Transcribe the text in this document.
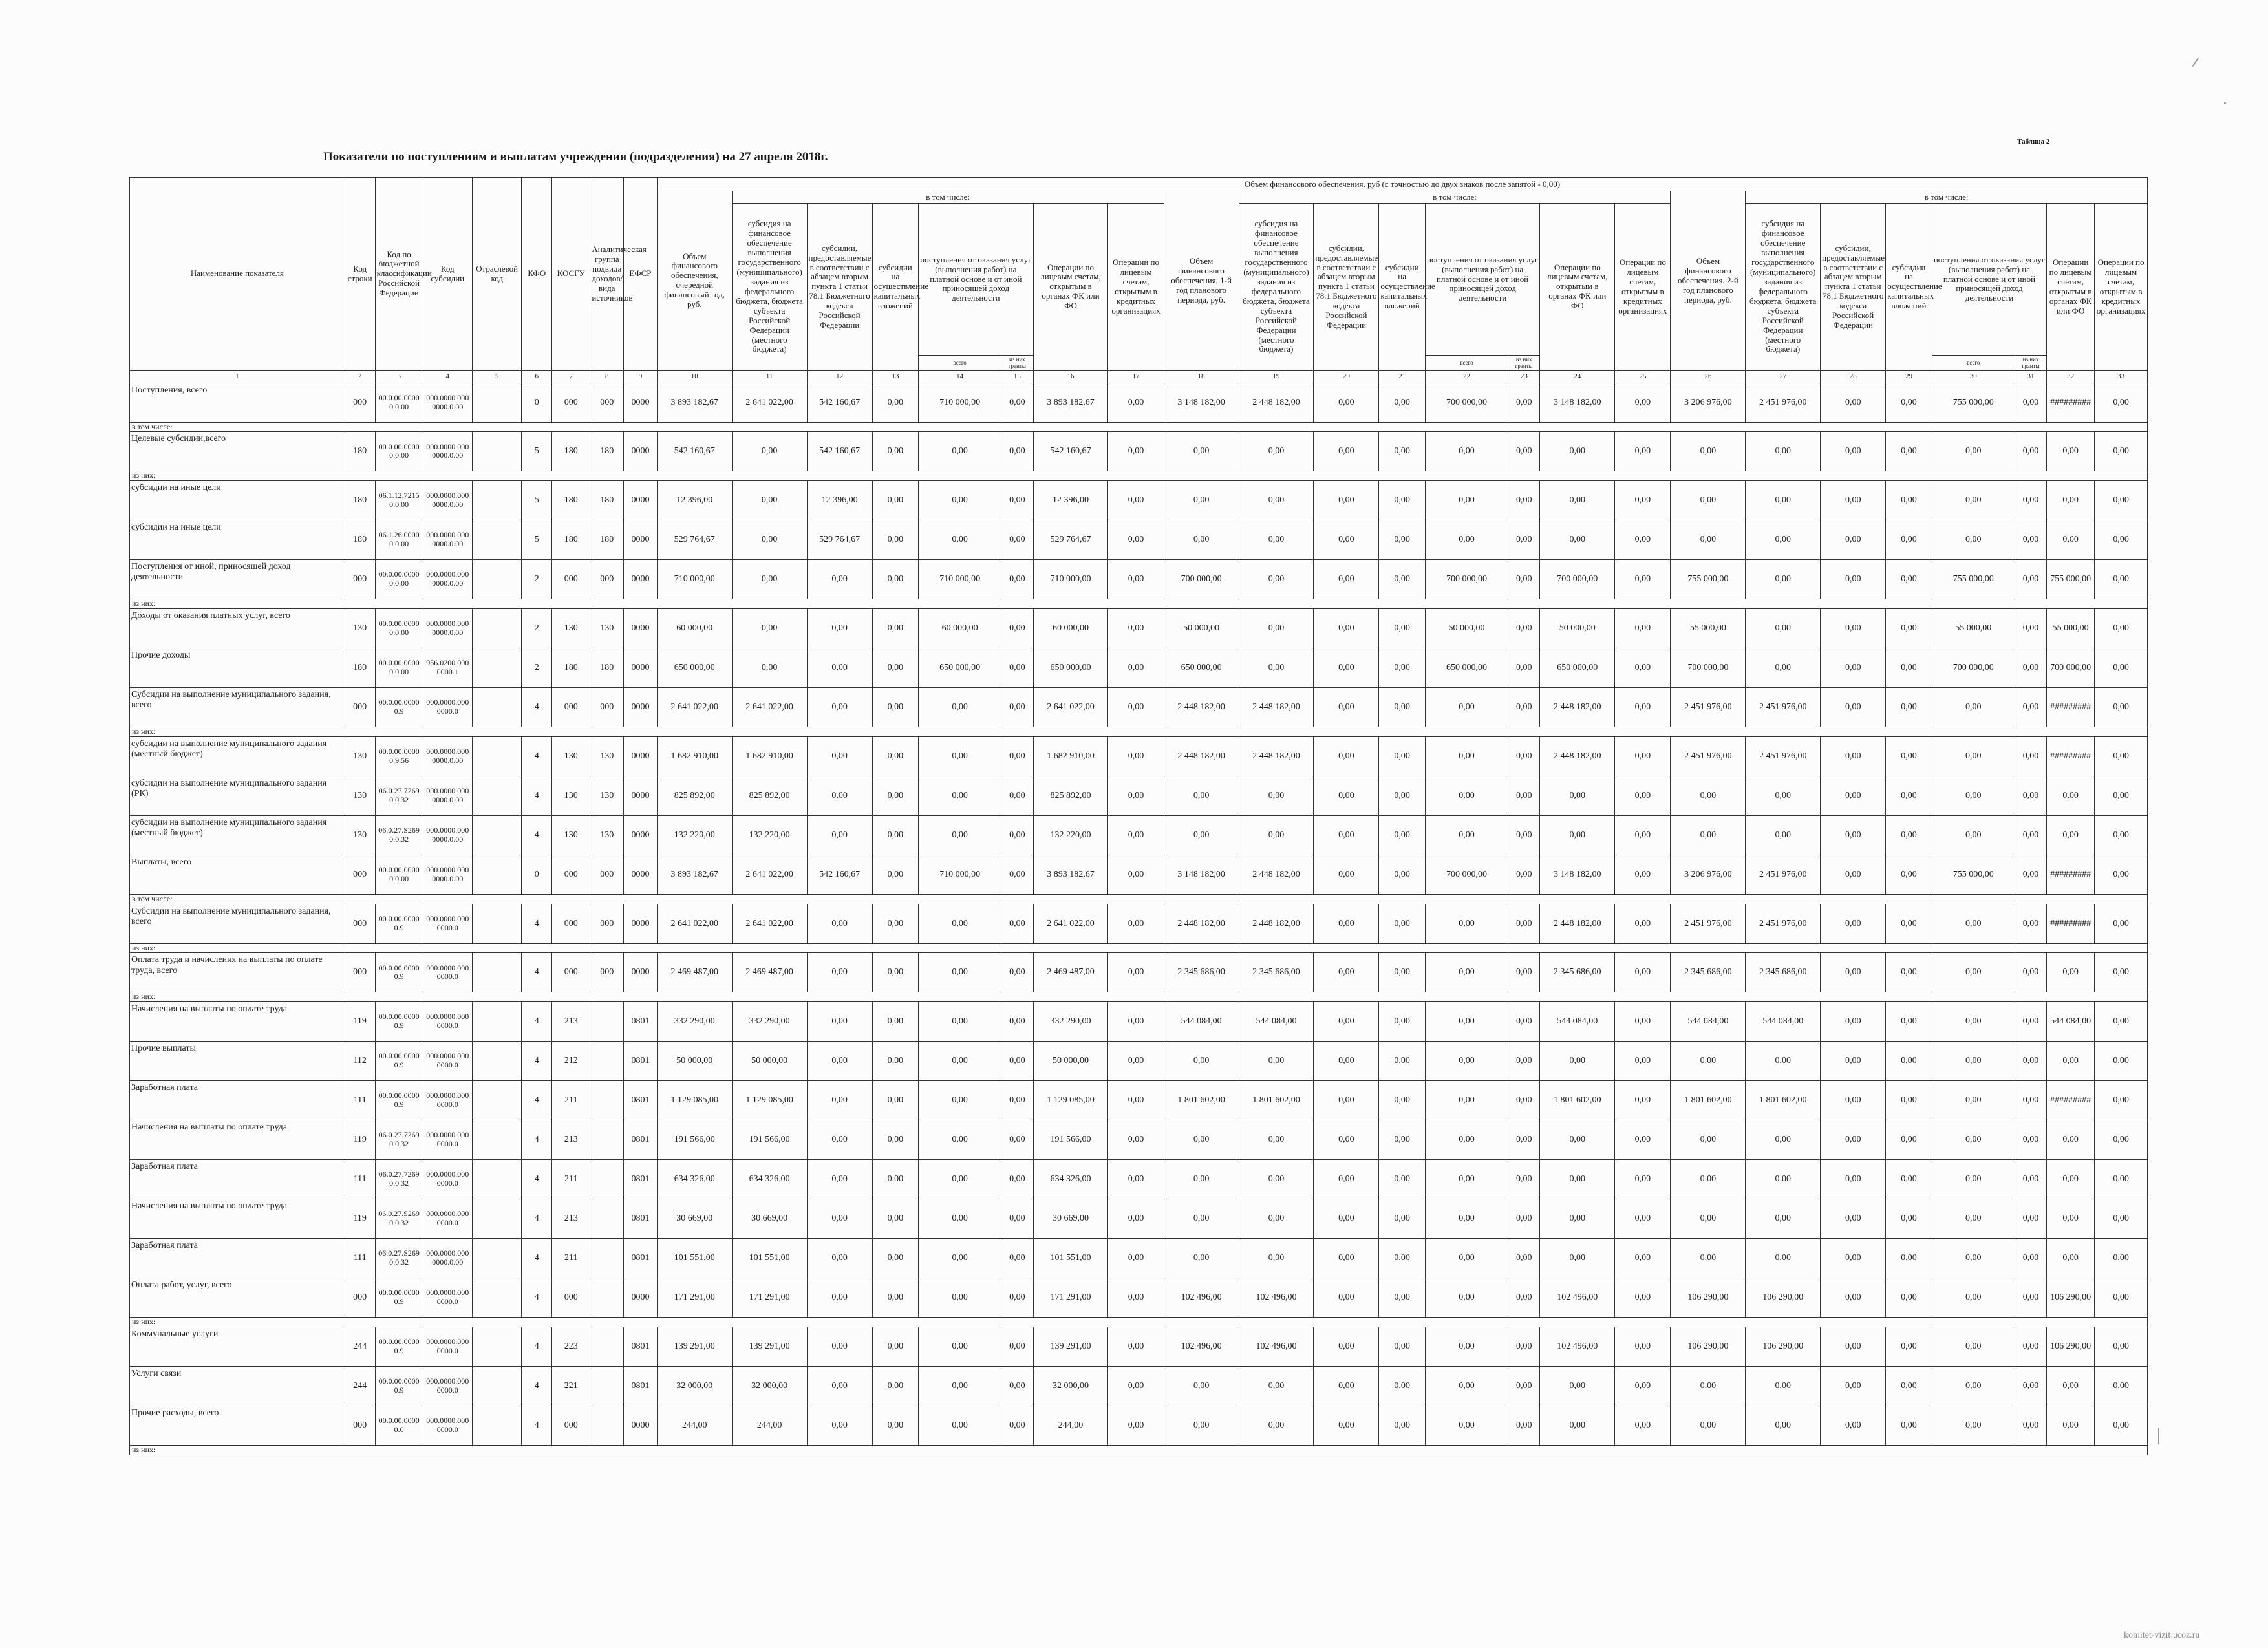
Таблица 2
Показатели по поступлениям и выплатам учреждения (подразделения) на 27 апреля 2018г.
Наименование показателя	Код строки	Код по бюджетной классификации Российской Федерации	Код субсидии	Отраслевой код	КФО	КОСГУ	Аналитическая группа подвида доходов/вида источников	ЕФСР	Объем финансового обеспечения, руб (с точностью до двух знаков после запятой - 0,00)																							
									Объем финансового обеспечения, очередной финансовый год, руб.	в том числе:							Объем финансового обеспечения, 1-й год планового периода, руб.	в том числе:							Объем финансового обеспечения, 2-й год планового периода, руб.	в том числе:						
										субсидия на финансовое обеспечение выполнения государственного (муниципального) задания из федерального бюджета, бюджета субъекта Российской Федерации (местного бюджета)	субсидии, предоставляемые в соответствии с абзацем вторым пункта 1 статьи 78.1 Бюджетного кодекса Российской Федерации	субсидии на осуществление капитальных вложений	поступления от оказания услуг (выполнения работ) на платной основе и от иной приносящей доход деятельности		Операции по лицевым счетам, открытым в органах ФК или ФО	Операции по лицевым счетам, открытым в кредитных организациях		субсидия на финансовое обеспечение выполнения государственного (муниципального) задания из федерального бюджета, бюджета субъекта Российской Федерации (местного бюджета)	субсидии, предоставляемые в соответствии с абзацем вторым пункта 1 статьи 78.1 Бюджетного кодекса Российской Федерации	субсидии на осуществление капитальных вложений	поступления от оказания услуг (выполнения работ) на платной основе и от иной приносящей доход деятельности		Операции по лицевым счетам, открытым в органах ФК или ФО	Операции по лицевым счетам, открытым в кредитных организациях		субсидия на финансовое обеспечение выполнения государственного (муниципального) задания из федерального бюджета, бюджета субъекта Российской Федерации (местного бюджета)	субсидии, предоставляемые в соответствии с абзацем вторым пункта 1 статьи 78.1 Бюджетного кодекса Российской Федерации	субсидии на осуществление капитальных вложений	поступления от оказания услуг (выполнения работ) на платной основе и от иной приносящей доход деятельности		Операции по лицевым счетам, открытым в органах ФК или ФО	Операции по лицевым счетам, открытым в кредитных организациях
													всего	из них гранты							всего	из них гранты							всего	из них гранты		
1	2	3	4	5	6	7	8	9	10	11	12	13	14	15	16	17	18	19	20	21	22	23	24	25	26	27	28	29	30	31	32	33
Поступления, всего	000	00.0.00.00000.0.00	000.0000.0000000.0.00		0	000	000	0000	3 893 182,67	2 641 022,00	542 160,67	0,00	710 000,00	0,00	3 893 182,67	0,00	3 148 182,00	2 448 182,00	0,00	0,00	700 000,00	0,00	3 148 182,00	0,00	3 206 976,00	2 451 976,00	0,00	0,00	755 000,00	0,00	#########	0,00
в том числе:																																
Целевые субсидии,всего	180	00.0.00.00000.0.00	000.0000.0000000.0.00		5	180	180	0000	542 160,67	0,00	542 160,67	0,00	0,00	0,00	542 160,67	0,00	0,00	0,00	0,00	0,00	0,00	0,00	0,00	0,00	0,00	0,00	0,00	0,00	0,00	0,00	0,00	0,00
из них:																																
субсидии на иные цели	180	06.1.12.72150.0.00	000.0000.0000000.0.00		5	180	180	0000	12 396,00	0,00	12 396,00	0,00	0,00	0,00	12 396,00	0,00	0,00	0,00	0,00	0,00	0,00	0,00	0,00	0,00	0,00	0,00	0,00	0,00	0,00	0,00	0,00	0,00
субсидии на иные цели	180	06.1.26.00000.0.00	000.0000.0000000.0.00		5	180	180	0000	529 764,67	0,00	529 764,67	0,00	0,00	0,00	529 764,67	0,00	0,00	0,00	0,00	0,00	0,00	0,00	0,00	0,00	0,00	0,00	0,00	0,00	0,00	0,00	0,00	0,00
Поступления от иной, приносящей доход деятельности	000	00.0.00.00000.0.00	000.0000.0000000.0.00		2	000	000	0000	710 000,00	0,00	0,00	0,00	710 000,00	0,00	710 000,00	0,00	700 000,00	0,00	0,00	0,00	700 000,00	0,00	700 000,00	0,00	755 000,00	0,00	0,00	0,00	755 000,00	0,00	755 000,00	0,00
из них:																																
Доходы от оказания платных услуг, всего	130	00.0.00.00000.0.00	000.0000.0000000.0.00		2	130	130	0000	60 000,00	0,00	0,00	0,00	60 000,00	0,00	60 000,00	0,00	50 000,00	0,00	0,00	0,00	50 000,00	0,00	50 000,00	0,00	55 000,00	0,00	0,00	0,00	55 000,00	0,00	55 000,00	0,00
Прочие доходы	180	00.0.00.00000.0.00	956.0200.0000000.1		2	180	180	0000	650 000,00	0,00	0,00	0,00	650 000,00	0,00	650 000,00	0,00	650 000,00	0,00	0,00	0,00	650 000,00	0,00	650 000,00	0,00	700 000,00	0,00	0,00	0,00	700 000,00	0,00	700 000,00	0,00
Субсидии на выполнение муниципального задания, всего	000	00.0.00.00000.9	000.0000.0000000.0		4	000	000	0000	2 641 022,00	2 641 022,00	0,00	0,00	0,00	0,00	2 641 022,00	0,00	2 448 182,00	2 448 182,00	0,00	0,00	0,00	0,00	2 448 182,00	0,00	2 451 976,00	2 451 976,00	0,00	0,00	0,00	0,00	#########	0,00
из них:																																
субсидии на выполнение муниципального задания (местный бюджет)	130	00.0.00.00000.9.56	000.0000.0000000.0.00		4	130	130	0000	1 682 910,00	1 682 910,00	0,00	0,00	0,00	0,00	1 682 910,00	0,00	2 448 182,00	2 448 182,00	0,00	0,00	0,00	0,00	2 448 182,00	0,00	2 451 976,00	2 451 976,00	0,00	0,00	0,00	0,00	#########	0,00
субсидии на выполнение муниципального задания (РК)	130	06.0.27.72690.0.32	000.0000.0000000.0.00		4	130	130	0000	825 892,00	825 892,00	0,00	0,00	0,00	0,00	825 892,00	0,00	0,00	0,00	0,00	0,00	0,00	0,00	0,00	0,00	0,00	0,00	0,00	0,00	0,00	0,00	0,00	0,00
субсидии на выполнение муниципального задания (местный бюджет)	130	06.0.27.S2690.0.32	000.0000.0000000.0.00		4	130	130	0000	132 220,00	132 220,00	0,00	0,00	0,00	0,00	132 220,00	0,00	0,00	0,00	0,00	0,00	0,00	0,00	0,00	0,00	0,00	0,00	0,00	0,00	0,00	0,00	0,00	0,00
Выплаты, всего	000	00.0.00.00000.0.00	000.0000.0000000.0.00		0	000	000	0000	3 893 182,67	2 641 022,00	542 160,67	0,00	710 000,00	0,00	3 893 182,67	0,00	3 148 182,00	2 448 182,00	0,00	0,00	700 000,00	0,00	3 148 182,00	0,00	3 206 976,00	2 451 976,00	0,00	0,00	755 000,00	0,00	#########	0,00
в том числе:																																
Субсидии на выполнение муниципального задания, всего	000	00.0.00.00000.9	000.0000.0000000.0		4	000	000	0000	2 641 022,00	2 641 022,00	0,00	0,00	0,00	0,00	2 641 022,00	0,00	2 448 182,00	2 448 182,00	0,00	0,00	0,00	0,00	2 448 182,00	0,00	2 451 976,00	2 451 976,00	0,00	0,00	0,00	0,00	#########	0,00
из них:																																
Оплата труда и начисления на выплаты по оплате труда, всего	000	00.0.00.00000.9	000.0000.0000000.0		4	000	000	0000	2 469 487,00	2 469 487,00	0,00	0,00	0,00	0,00	2 469 487,00	0,00	2 345 686,00	2 345 686,00	0,00	0,00	0,00	0,00	2 345 686,00	0,00	2 345 686,00	2 345 686,00	0,00	0,00	0,00	0,00	0,00	0,00
из них:																																
Начисления на выплаты по оплате труда	119	00.0.00.00000.9	000.0000.0000000.0		4	213		0801	332 290,00	332 290,00	0,00	0,00	0,00	0,00	332 290,00	0,00	544 084,00	544 084,00	0,00	0,00	0,00	0,00	544 084,00	0,00	544 084,00	544 084,00	0,00	0,00	0,00	0,00	544 084,00	0,00
Прочие выплаты	112	00.0.00.00000.9	000.0000.0000000.0		4	212		0801	50 000,00	50 000,00	0,00	0,00	0,00	0,00	50 000,00	0,00	0,00	0,00	0,00	0,00	0,00	0,00	0,00	0,00	0,00	0,00	0,00	0,00	0,00	0,00	0,00	0,00
Заработная плата	111	00.0.00.00000.9	000.0000.0000000.0		4	211		0801	1 129 085,00	1 129 085,00	0,00	0,00	0,00	0,00	1 129 085,00	0,00	1 801 602,00	1 801 602,00	0,00	0,00	0,00	0,00	1 801 602,00	0,00	1 801 602,00	1 801 602,00	0,00	0,00	0,00	0,00	#########	0,00
Начисления на выплаты по оплате труда	119	06.0.27.72690.0.32	000.0000.0000000.0		4	213		0801	191 566,00	191 566,00	0,00	0,00	0,00	0,00	191 566,00	0,00	0,00	0,00	0,00	0,00	0,00	0,00	0,00	0,00	0,00	0,00	0,00	0,00	0,00	0,00	0,00	0,00
Заработная плата	111	06.0.27.72690.0.32	000.0000.0000000.0		4	211		0801	634 326,00	634 326,00	0,00	0,00	0,00	0,00	634 326,00	0,00	0,00	0,00	0,00	0,00	0,00	0,00	0,00	0,00	0,00	0,00	0,00	0,00	0,00	0,00	0,00	0,00
Начисления на выплаты по оплате труда	119	06.0.27.S2690.0.32	000.0000.0000000.0		4	213		0801	30 669,00	30 669,00	0,00	0,00	0,00	0,00	30 669,00	0,00	0,00	0,00	0,00	0,00	0,00	0,00	0,00	0,00	0,00	0,00	0,00	0,00	0,00	0,00	0,00	0,00
Заработная плата	111	06.0.27.S2690.0.32	000.0000.0000000.0.00		4	211		0801	101 551,00	101 551,00	0,00	0,00	0,00	0,00	101 551,00	0,00	0,00	0,00	0,00	0,00	0,00	0,00	0,00	0,00	0,00	0,00	0,00	0,00	0,00	0,00	0,00	0,00
Оплата работ, услуг, всего	000	00.0.00.00000.9	000.0000.0000000.0		4	000		0000	171 291,00	171 291,00	0,00	0,00	0,00	0,00	171 291,00	0,00	102 496,00	102 496,00	0,00	0,00	0,00	0,00	102 496,00	0,00	106 290,00	106 290,00	0,00	0,00	0,00	0,00	106 290,00	0,00
из них:																																
Коммунальные услуги	244	00.0.00.00000.9	000.0000.0000000.0		4	223		0801	139 291,00	139 291,00	0,00	0,00	0,00	0,00	139 291,00	0,00	102 496,00	102 496,00	0,00	0,00	0,00	0,00	102 496,00	0,00	106 290,00	106 290,00	0,00	0,00	0,00	0,00	106 290,00	0,00
Услуги связи	244	00.0.00.00000.9	000.0000.0000000.0		4	221		0801	32 000,00	32 000,00	0,00	0,00	0,00	0,00	32 000,00	0,00	0,00	0,00	0,00	0,00	0,00	0,00	0,00	0,00	0,00	0,00	0,00	0,00	0,00	0,00	0,00	0,00
Прочие расходы, всего	000	00.0.00.00000.0	000.0000.0000000.0		4	000		0000	244,00	244,00	0,00	0,00	0,00	0,00	244,00	0,00	0,00	0,00	0,00	0,00	0,00	0,00	0,00	0,00	0,00	0,00	0,00	0,00	0,00	0,00	0,00	0,00
из них:																																
komitet-vizit.ucoz.ru
